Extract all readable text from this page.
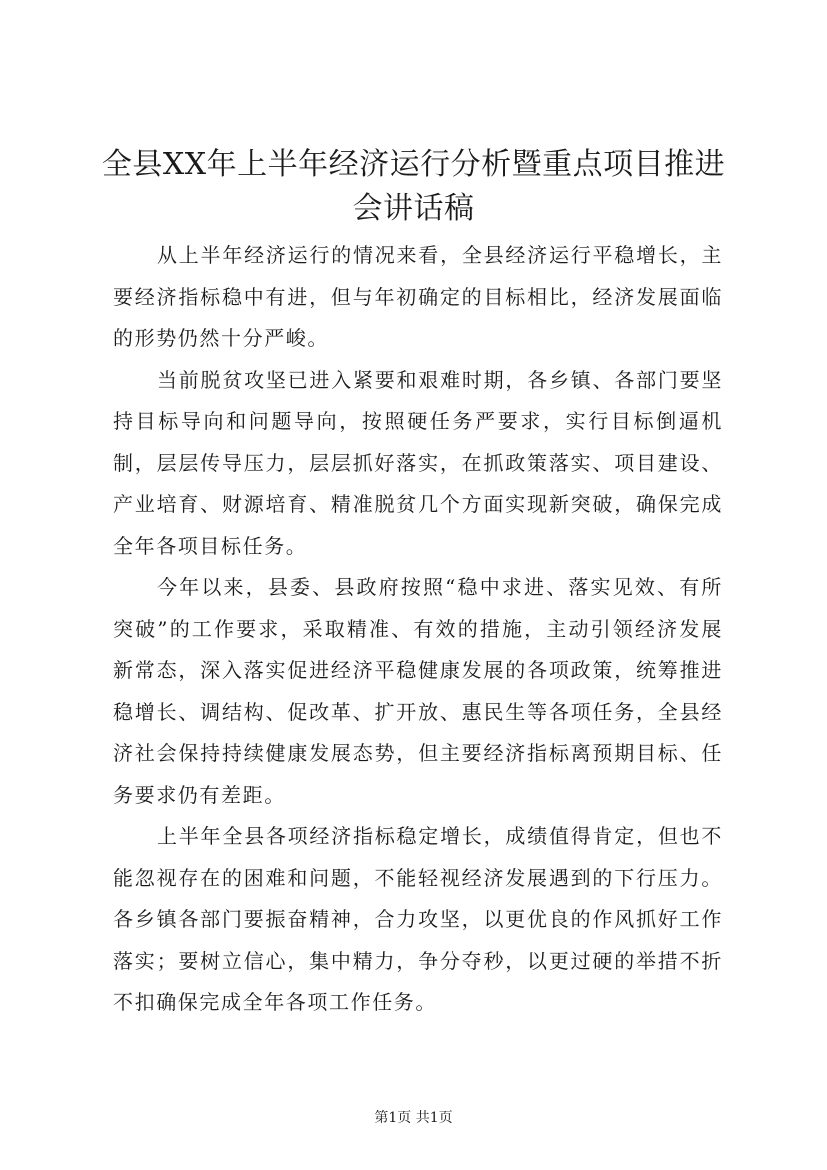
全县XX年上半年经济运行分析暨重点项目推进会讲话稿

从上半年经济运行的情况来看，全县经济运行平稳增长，主要经济指标稳中有进，但与年初确定的目标相比，经济发展面临的形势仍然十分严峻。

当前脱贫攻坚已进入紧要和艰难时期，各乡镇、各部门要坚持目标导向和问题导向，按照硬任务严要求，实行目标倒逼机制，层层传导压力，层层抓好落实，在抓政策落实、项目建设、产业培育、财源培育、精准脱贫几个方面实现新突破，确保完成全年各项目标任务。

今年以来，县委、县政府按照“稳中求进、落实见效、有所突破”的工作要求，采取精准、有效的措施，主动引领经济发展新常态，深入落实促进经济平稳健康发展的各项政策，统筹推进稳增长、调结构、促改革、扩开放、惠民生等各项任务，全县经济社会保持持续健康发展态势，但主要经济指标离预期目标、任务要求仍有差距。

上半年全县各项经济指标稳定增长，成绩值得肯定，但也不能忽视存在的困难和问题，不能轻视经济发展遇到的下行压力。各乡镇各部门要振奋精神，合力攻坚，以更优良的作风抓好工作落实；要树立信心，集中精力，争分夺秒，以更过硬的举措不折不扣确保完成全年各项工作任务。

第1页 共1页
